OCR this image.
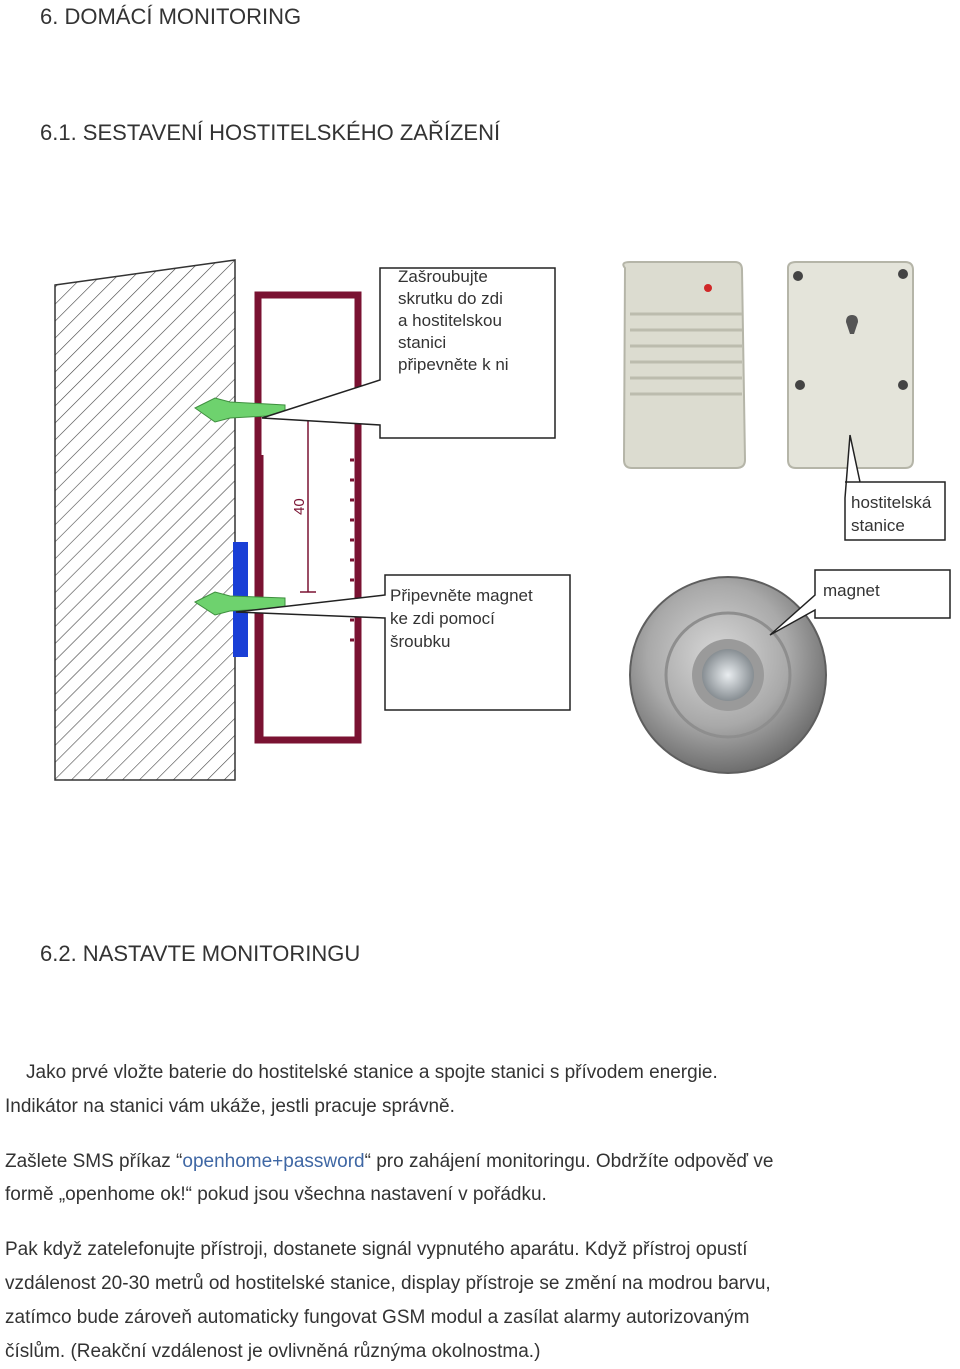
6. DOMÁCÍ MONITORING
6.1. SESTAVENÍ HOSTITELSKÉHO ZAŘÍZENÍ
40
Zašroubujte
skrutku do zdi
a hostitelskou
stanici
připevněte k ni
Připevněte magnet
ke zdi pomocí
šroubku
hostitelská
stanice
magnet
6.2. NASTAVTE MONITORINGU
Jako prvé vložte baterie do hostitelské stanice a spojte stanici s přívodem energie.
Indikátor na stanici vám ukáže, jestli pracuje správně.
Zašlete SMS příkaz “openhome+password“ pro zahájení monitoringu. Obdržíte odpověď ve
formě „openhome ok!“ pokud jsou všechna nastavení v pořádku.
Pak když zatelefonujte přístroji, dostanete signál vypnutého aparátu. Když přístroj opustí
vzdálenost 20-30 metrů od hostitelské stanice, display přístroje se změní na modrou barvu,
zatímco bude zároveň automaticky fungovat GSM modul a zasílat alarmy autorizovaným
číslům. (Reakční vzdálenost je ovlivněná různýma okolnostma.)
